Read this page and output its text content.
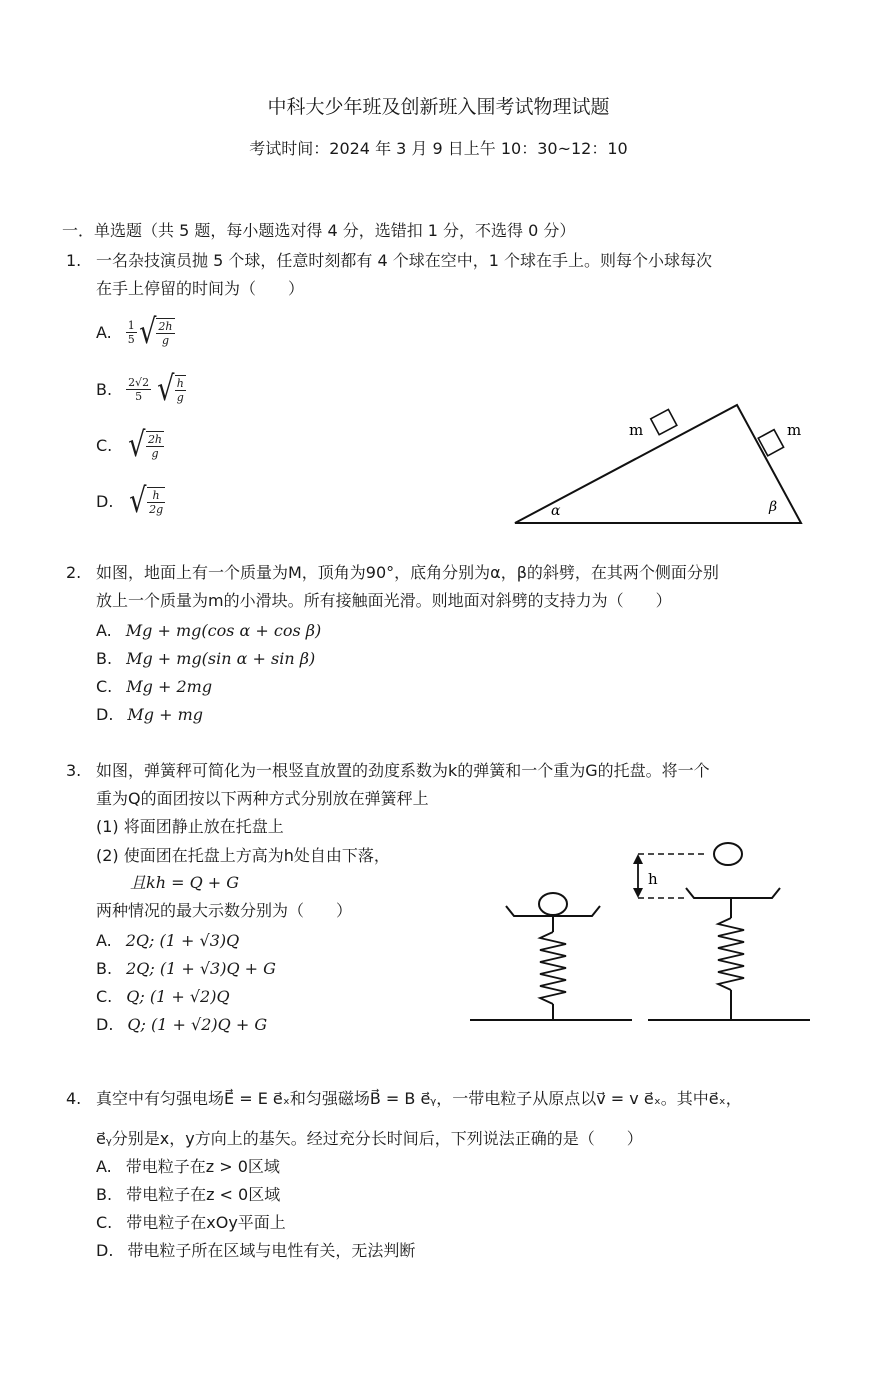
中科大少年班及创新班入围考试物理试题
考试时间：2024 年 3 月 9 日上午 10：30~12：10
一．单选题（共 5 题，每小题选对得 4 分，选错扣 1 分，不选得 0 分）
1. 一名杂技演员抛 5 个球，任意时刻都有 4 个球在空中，1 个球在手上。则每个小球每次
在手上停留的时间为（　　）
A. $\frac{1}{5}$ √ $\frac{2h}{g}$
B. $\frac{2√2}{5}$ √ $\frac{h}{g}$
C. √ $\frac{2h}{g}$
D. √ $\frac{h}{2g}$
m	m
α	β
2. 如图，地面上有一个质量为M，顶角为90°，底角分别为α，β的斜劈，在其两个侧面分别
放上一个质量为m的小滑块。所有接触面光滑。则地面对斜劈的支持力为（　　）
A. Mg + mg(cos α + cos β)
B. Mg + mg(sin α + sin β)
C. Mg + 2mg
D. Mg + mg
3. 如图，弹簧秤可简化为一根竖直放置的劲度系数为k的弹簧和一个重为G的托盘。将一个
重为Q的面团按以下两种方式分别放在弹簧秤上
(1) 将面团静止放在托盘上
(2) 使面团在托盘上方高为h处自由下落，
且kh = Q + G
两种情况的最大示数分别为（　　）
A. 2Q; (1 + √3)Q
B. 2Q; (1 + √3)Q + G
C. Q; (1 + √2)Q
D. Q; (1 + √2)Q + G
h
4. 真空中有匀强电场E⃗ = E e⃗ₓ和匀强磁场B⃗ = B e⃗ᵧ，一带电粒子从原点以v⃗ = v e⃗ₓ。其中e⃗ₓ，
e⃗ᵧ分别是x，y方向上的基矢。经过充分长时间后，下列说法正确的是（　　）
A. 带电粒子在z > 0区域
B. 带电粒子在z < 0区域
C. 带电粒子在xOy平面上
D. 带电粒子所在区域与电性有关，无法判断
